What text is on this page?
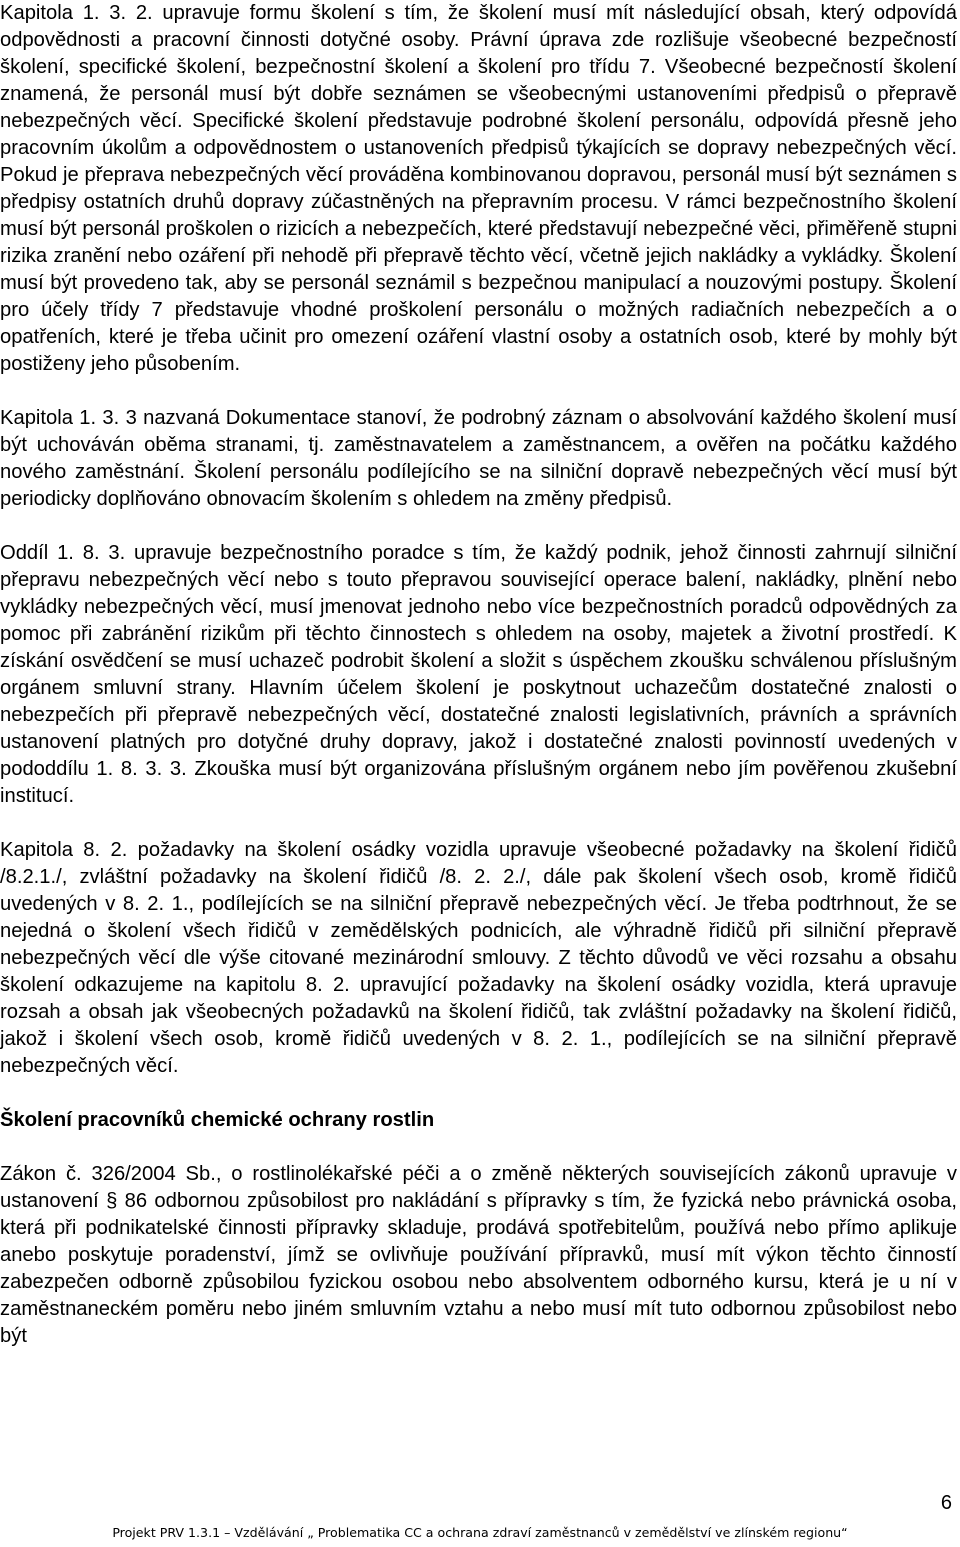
Kapitola 1. 3. 2. upravuje formu školení s tím, že školení musí mít následující obsah, který odpovídá odpovědnosti a pracovní činnosti dotyčné osoby. Právní úprava zde rozlišuje všeobecné bezpečností školení, specifické školení, bezpečnostní školení a školení pro třídu 7. Všeobecné bezpečností školení znamená, že personál musí být dobře seznámen se všeobecnými ustanoveními předpisů o přepravě nebezpečných věcí. Specifické školení představuje podrobné školení personálu, odpovídá přesně jeho pracovním úkolům a odpovědnostem o ustanoveních předpisů týkajících se dopravy nebezpečných věcí. Pokud je přeprava nebezpečných věcí prováděna kombinovanou dopravou, personál musí být seznámen s předpisy ostatních druhů dopravy zúčastněných na přepravním procesu. V rámci bezpečnostního školení musí být personál proškolen o rizicích a nebezpečích, které představují nebezpečné věci, přiměřeně stupni rizika zranění nebo ozáření při nehodě při přepravě těchto věcí, včetně jejich nakládky a vykládky. Školení musí být provedeno tak, aby se personál seznámil s bezpečnou manipulací a nouzovými postupy. Školení pro účely třídy 7 představuje vhodné proškolení personálu o možných radiačních nebezpečích a o opatřeních, které je třeba učinit pro omezení ozáření vlastní osoby a ostatních osob, které by mohly být postiženy jeho působením.

Kapitola 1. 3. 3 nazvaná Dokumentace stanoví, že podrobný záznam o absolvování každého školení musí být uchováván oběma stranami, tj. zaměstnavatelem a zaměstnancem, a ověřen na počátku každého nového zaměstnání. Školení personálu podílejícího se na silniční dopravě nebezpečných věcí musí být periodicky doplňováno obnovacím školením s ohledem na změny předpisů.

Oddíl 1. 8. 3. upravuje bezpečnostního poradce s tím, že každý podnik, jehož činnosti zahrnují silniční přepravu nebezpečných věcí nebo s touto přepravou související operace balení, nakládky, plnění nebo vykládky nebezpečných věcí, musí jmenovat jednoho nebo více bezpečnostních poradců odpovědných za pomoc při zabránění rizikům při těchto činnostech s ohledem na osoby, majetek a životní prostředí. K získání osvědčení se musí uchazeč podrobit školení a složit s úspěchem zkoušku schválenou příslušným orgánem smluvní strany. Hlavním účelem školení je poskytnout uchazečům dostatečné znalosti o nebezpečích při přepravě nebezpečných věcí, dostatečné znalosti legislativních, právních a správních ustanovení platných pro dotyčné druhy dopravy, jakož i dostatečné znalosti povinností uvedených v pododdílu 1. 8. 3. 3. Zkouška musí být organizována příslušným orgánem nebo jím pověřenou zkušební institucí.

Kapitola 8. 2. požadavky na školení osádky vozidla upravuje všeobecné požadavky na školení řidičů /8.2.1./, zvláštní požadavky na školení řidičů /8. 2. 2./, dále pak školení všech osob, kromě řidičů uvedených v 8. 2. 1., podílejících se na silniční přepravě nebezpečných věcí. Je třeba podtrhnout, že se nejedná o školení všech řidičů v zemědělských podnicích, ale výhradně řidičů při silniční přepravě nebezpečných věcí dle výše citované mezinárodní smlouvy. Z těchto důvodů ve věci rozsahu a obsahu školení odkazujeme na kapitolu 8. 2. upravující požadavky na školení osádky vozidla, která upravuje rozsah a obsah jak všeobecných požadavků na školení řidičů, tak zvláštní požadavky na školení řidičů, jakož i školení všech osob, kromě řidičů uvedených v 8. 2. 1., podílejících se na silniční přepravě nebezpečných věcí.

Školení pracovníků chemické ochrany rostlin

Zákon č. 326/2004 Sb., o rostlinolékařské péči a o změně některých souvisejících zákonů upravuje v ustanovení § 86 odbornou způsobilost pro nakládání s přípravky s tím, že fyzická nebo právnická osoba, která při podnikatelské činnosti přípravky skladuje, prodává spotřebitelům, používá nebo přímo aplikuje anebo poskytuje poradenství, jímž se ovlivňuje používání přípravků, musí mít výkon těchto činností zabezpečen odborně způsobilou fyzickou osobou nebo absolventem odborného kursu, která je u ní v zaměstnaneckém poměru nebo jiném smluvním vztahu a nebo musí mít tuto odbornou způsobilost nebo být

6
Projekt PRV 1.3.1 – Vzdělávání „ Problematika CC a ochrana zdraví zaměstnanců v zemědělství ve zlínském regionu“
